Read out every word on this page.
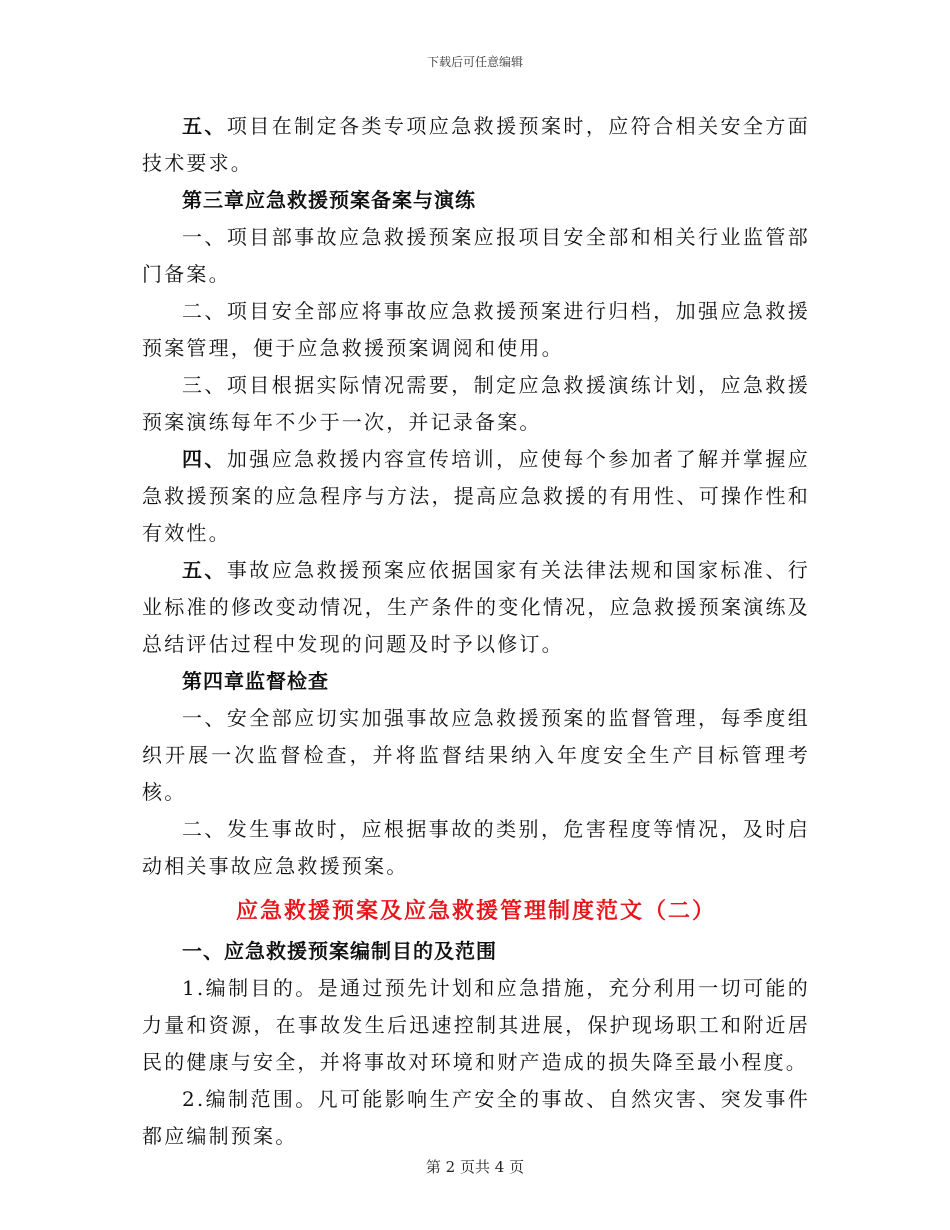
下载后可任意编辑

五、项目在制定各类专项应急救援预案时，应符合相关安全方面技术要求。

第三章应急救援预案备案与演练

一、项目部事故应急救援预案应报项目安全部和相关行业监管部门备案。

二、项目安全部应将事故应急救援预案进行归档，加强应急救援预案管理，便于应急救援预案调阅和使用。

三、项目根据实际情况需要，制定应急救援演练计划，应急救援预案演练每年不少于一次，并记录备案。

四、加强应急救援内容宣传培训，应使每个参加者了解并掌握应急救援预案的应急程序与方法，提高应急救援的有用性、可操作性和有效性。

五、事故应急救援预案应依据国家有关法律法规和国家标准、行业标准的修改变动情况，生产条件的变化情况，应急救援预案演练及总结评估过程中发现的问题及时予以修订。

第四章监督检查

一、安全部应切实加强事故应急救援预案的监督管理，每季度组织开展一次监督检查，并将监督结果纳入年度安全生产目标管理考核。

二、发生事故时，应根据事故的类别，危害程度等情况，及时启动相关事故应急救援预案。

应急救援预案及应急救援管理制度范文（二）

一、应急救援预案编制目的及范围

1.编制目的。是通过预先计划和应急措施，充分利用一切可能的力量和资源，在事故发生后迅速控制其进展，保护现场职工和附近居民的健康与安全，并将事故对环境和财产造成的损失降至最小程度。

2.编制范围。凡可能影响生产安全的事故、自然灾害、突发事件都应编制预案。

第 2 页共 4 页
